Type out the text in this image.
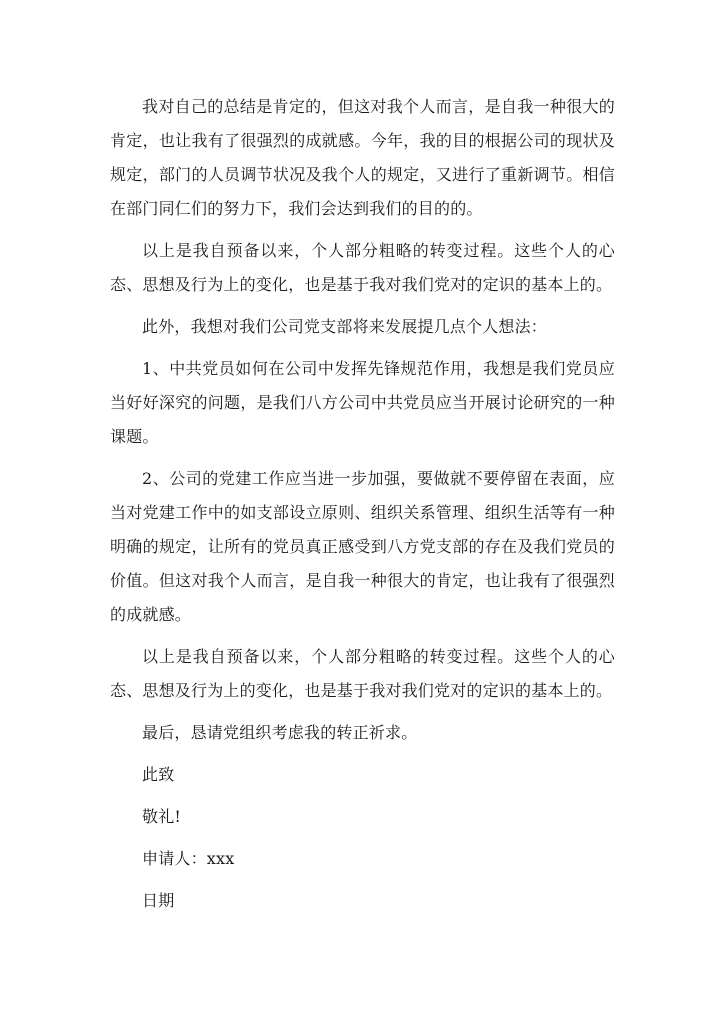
我对自己的总结是肯定的，但这对我个人而言，是自我一种很大的肯定，也让我有了很强烈的成就感。今年，我的目的根据公司的现状及规定，部门的人员调节状况及我个人的规定，又进行了重新调节。相信在部门同仁们的努力下，我们会达到我们的目的的。

以上是我自预备以来，个人部分粗略的转变过程。这些个人的心态、思想及行为上的变化，也是基于我对我们党对的定识的基本上的。

此外，我想对我们公司党支部将来发展提几点个人想法：

1、中共党员如何在公司中发挥先锋规范作用，我想是我们党员应当好好深究的问题，是我们八方公司中共党员应当开展讨论研究的一种课题。

2、公司的党建工作应当进一步加强，要做就不要停留在表面，应当对党建工作中的如支部设立原则、组织关系管理、组织生活等有一种明确的规定，让所有的党员真正感受到八方党支部的存在及我们党员的价值。但这对我个人而言，是自我一种很大的肯定，也让我有了很强烈的成就感。

以上是我自预备以来，个人部分粗略的转变过程。这些个人的心态、思想及行为上的变化，也是基于我对我们党对的定识的基本上的。

最后，恳请党组织考虑我的转正祈求。

此致

敬礼!

申请人：xxx

日期
